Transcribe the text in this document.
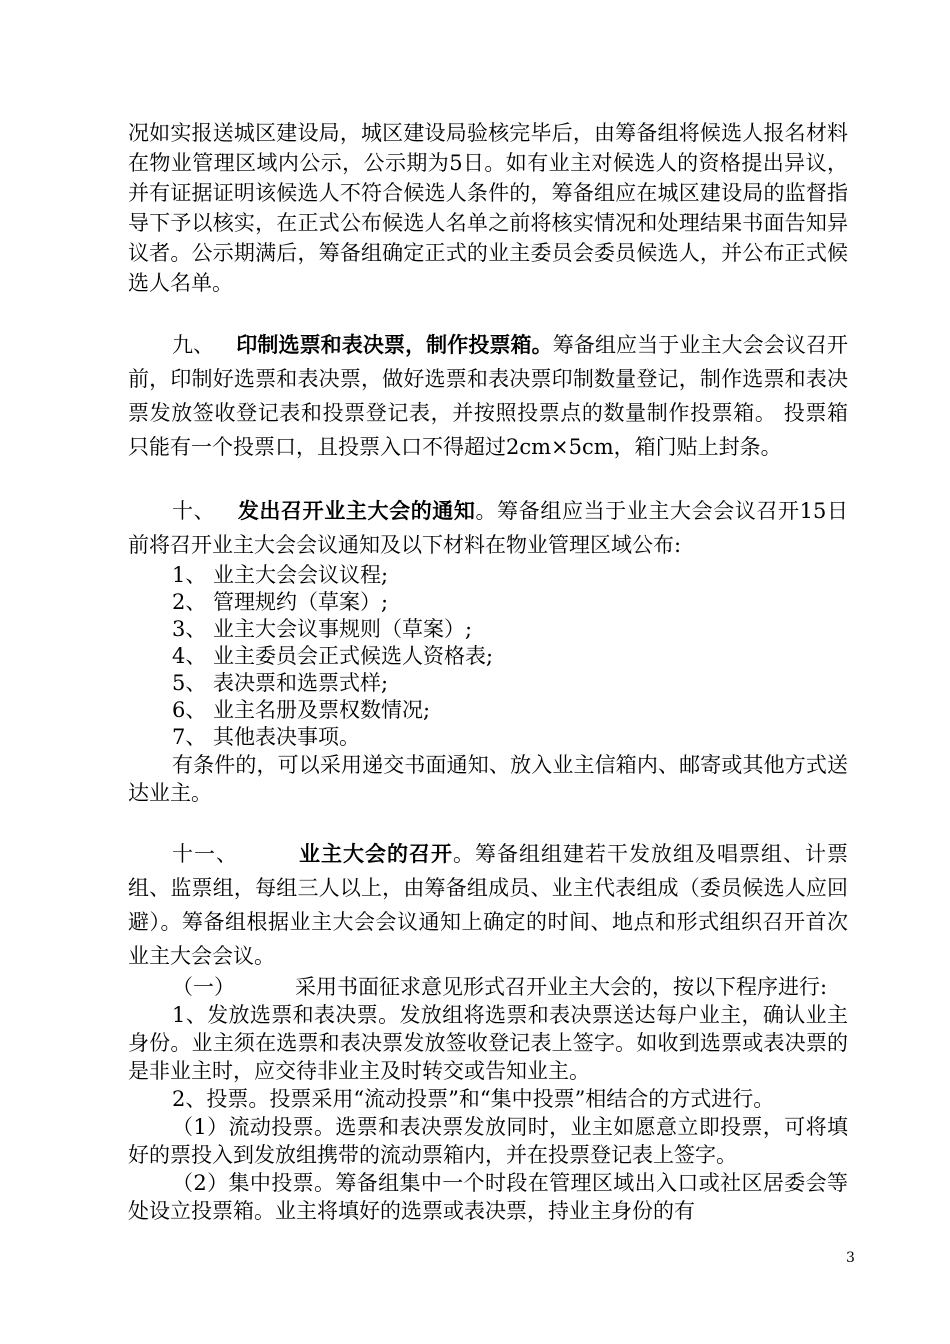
况如实报送城区建设局，城区建设局验核完毕后，由筹备组将候选人报名材料在物业管理区域内公示，公示期为5日。如有业主对候选人的资格提出异议，并有证据证明该候选人不符合候选人条件的，筹备组应在城区建设局的监督指导下予以核实，在正式公布候选人名单之前将核实情况和处理结果书面告知异议者。公示期满后，筹备组确定正式的业主委员会委员候选人，并公布正式候选人名单。

九、 印制选票和表决票，制作投票箱。筹备组应当于业主大会会议召开前，印制好选票和表决票，做好选票和表决票印制数量登记，制作选票和表决票发放签收登记表和投票登记表，并按照投票点的数量制作投票箱。 投票箱只能有一个投票口，且投票入口不得超过2cm×5cm，箱门贴上封条。

十、 发出召开业主大会的通知。筹备组应当于业主大会会议召开15日前将召开业主大会会议通知及以下材料在物业管理区域公布:

1、 业主大会会议议程;
2、 管理规约（草案）;
3、 业主大会议事规则（草案）;
4、 业主委员会正式候选人资格表;
5、 表决票和选票式样;
6、 业主名册及票权数情况;
7、 其他表决事项。

有条件的，可以采用递交书面通知、放入业主信箱内、邮寄或其他方式送达业主。

十一、	业主大会的召开。筹备组组建若干发放组及唱票组、计票组、监票组，每组三人以上，由筹备组成员、业主代表组成（委员候选人应回避）。筹备组根据业主大会会议通知上确定的时间、地点和形式组织召开首次业主大会会议。

（一）	采用书面征求意见形式召开业主大会的，按以下程序进行:

1、发放选票和表决票。发放组将选票和表决票送达每户业主，确认业主身份。业主须在选票和表决票发放签收登记表上签字。如收到选票或表决票的是非业主时，应交待非业主及时转交或告知业主。

2、投票。投票采用“流动投票”和“集中投票”相结合的方式进行。

（1）流动投票。选票和表决票发放同时，业主如愿意立即投票，可将填好的票投入到发放组携带的流动票箱内，并在投票登记表上签字。

（2）集中投票。筹备组集中一个时段在管理区域出入口或社区居委会等处设立投票箱。业主将填好的选票或表决票，持业主身份的有

3
